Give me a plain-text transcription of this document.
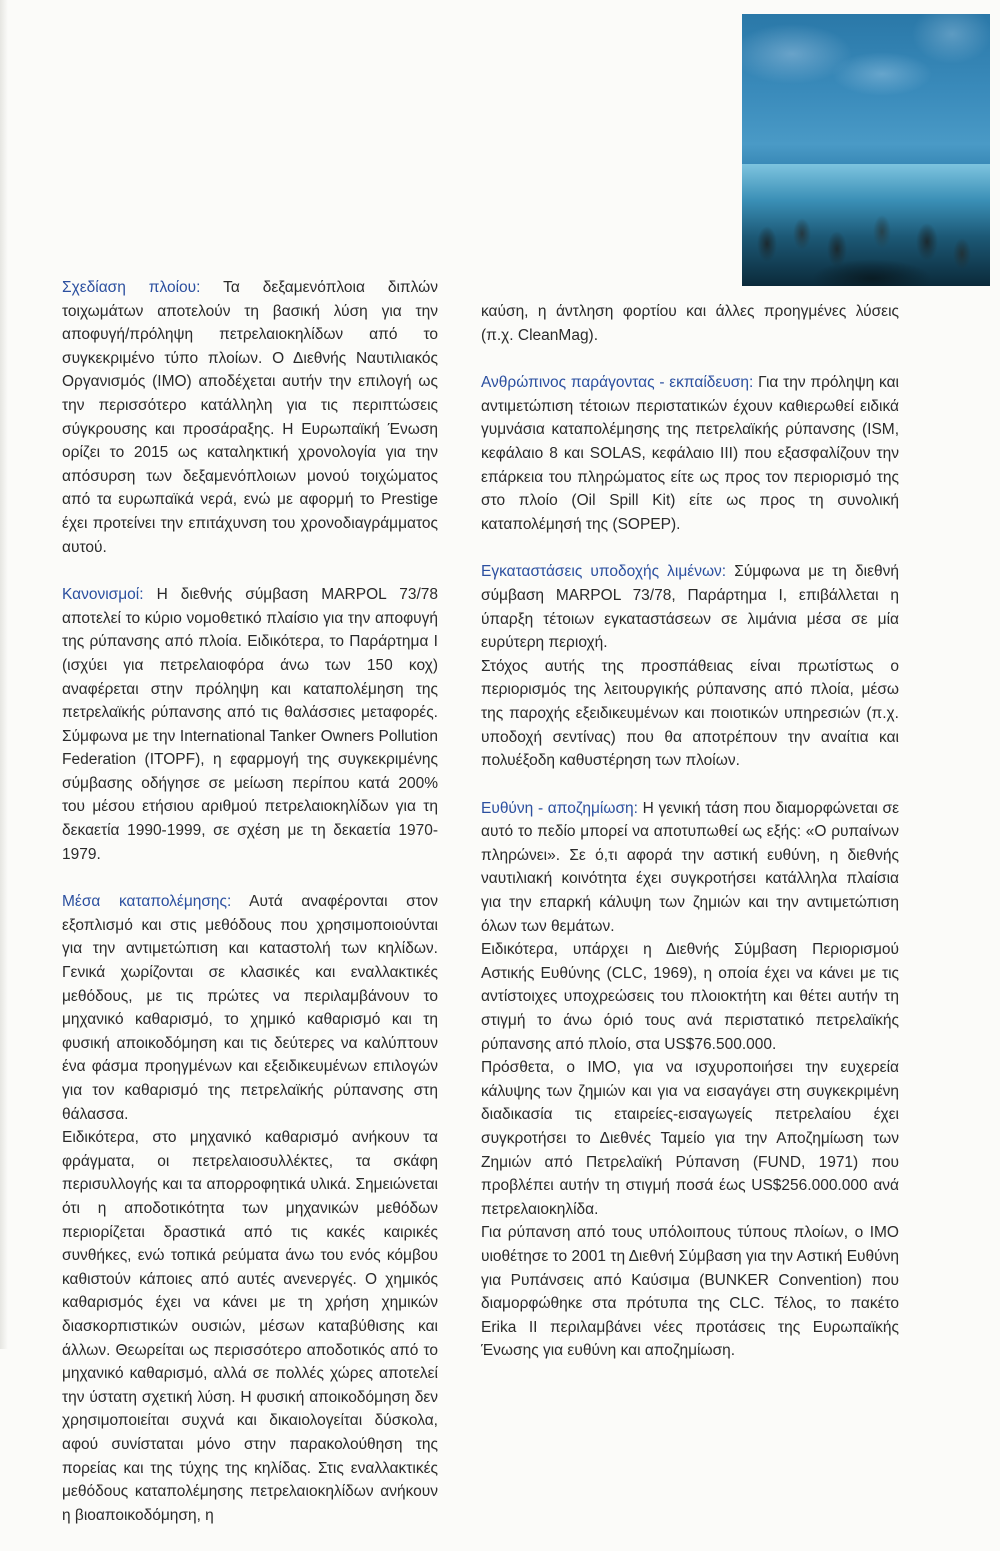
Σχεδίαση πλοίου: Τα δεξαμενόπλοια διπλών τοιχωμάτων αποτελούν τη βασική λύση για την αποφυγή/πρόληψη πετρελαιοκηλίδων από το συγκεκριμένο τύπο πλοίων. Ο Διεθνής Ναυτιλιακός Οργανισμός (IMO) αποδέχεται αυτήν την επιλογή ως την περισσότερο κατάλληλη για τις περιπτώσεις σύγκρουσης και προσάραξης. Η Ευρωπαϊκή Ένωση ορίζει το 2015 ως καταληκτική χρονολογία για την απόσυρση των δεξαμενόπλοιων μονού τοιχώματος από τα ευρωπαϊκά νερά, ενώ με αφορμή το Prestige έχει προτείνει την επιτάχυνση του χρονοδιαγράμματος αυτού.

Κανονισμοί: Η διεθνής σύμβαση MARPOL 73/78 αποτελεί το κύριο νομοθετικό πλαίσιο για την αποφυγή της ρύπανσης από πλοία. Ειδικότερα, το Παράρτημα Ι (ισχύει για πετρελαιοφόρα άνω των 150 κοχ) αναφέρεται στην πρόληψη και καταπολέμηση της πετρελαϊκής ρύπανσης από τις θαλάσσιες μεταφορές. Σύμφωνα με την International Tanker Owners Pollution Federation (ITOPF), η εφαρμογή της συγκεκριμένης σύμβασης οδήγησε σε μείωση περίπου κατά 200% του μέσου ετήσιου αριθμού πετρελαιοκηλίδων για τη δεκαετία 1990-1999, σε σχέση με τη δεκαετία 1970-1979.

Μέσα καταπολέμησης: Αυτά αναφέρονται στον εξοπλισμό και στις μεθόδους που χρησιμοποιούνται για την αντιμετώπιση και καταστολή των κηλίδων. Γενικά χωρίζονται σε κλασικές και εναλλακτικές μεθόδους, με τις πρώτες να περιλαμβάνουν το μηχανικό καθαρισμό, το χημικό καθαρισμό και τη φυσική αποικοδόμηση και τις δεύτερες να καλύπτουν ένα φάσμα προηγμένων και εξειδικευμένων επιλογών για τον καθαρισμό της πετρελαϊκής ρύπανσης στη θάλασσα.

Ειδικότερα, στο μηχανικό καθαρισμό ανήκουν τα φράγματα, οι πετρελαιοσυλλέκτες, τα σκάφη περισυλλογής και τα απορροφητικά υλικά. Σημειώνεται ότι η αποδοτικότητα των μηχανικών μεθόδων περιορίζεται δραστικά από τις κακές καιρικές συνθήκες, ενώ τοπικά ρεύματα άνω του ενός κόμβου καθιστούν κάποιες από αυτές ανενεργές. Ο χημικός καθαρισμός έχει να κάνει με τη χρήση χημικών διασκορπιστικών ουσιών, μέσων καταβύθισης και άλλων. Θεωρείται ως περισσότερο αποδοτικός από το μηχανικό καθαρισμό, αλλά σε πολλές χώρες αποτελεί την ύστατη σχετική λύση. Η φυσική αποικοδόμηση δεν χρησιμοποιείται συχνά και δικαιολογείται δύσκολα, αφού συνίσταται μόνο στην παρακολούθηση της πορείας και της τύχης της κηλίδας. Στις εναλλακτικές μεθόδους καταπολέμησης πετρελαιοκηλίδων ανήκουν η βιοαποικοδόμηση, η

καύση, η άντληση φορτίου και άλλες προηγμένες λύσεις (π.χ. CleanMag).

Ανθρώπινος παράγοντας - εκπαίδευση: Για την πρόληψη και αντιμετώπιση τέτοιων περιστατικών έχουν καθιερωθεί ειδικά γυμνάσια καταπολέμησης της πετρελαϊκής ρύπανσης (ISM, κεφάλαιο 8 και SOLAS, κεφάλαιο ΙΙΙ) που εξασφαλίζουν την επάρκεια του πληρώματος είτε ως προς τον περιορισμό της στο πλοίο (Oil Spill Kit) είτε ως προς τη συνολική καταπολέμησή της (SOPEP).

Εγκαταστάσεις υποδοχής λιμένων: Σύμφωνα με τη διεθνή σύμβαση MARPOL 73/78, Παράρτημα Ι, επιβάλλεται η ύπαρξη τέτοιων εγκαταστάσεων σε λιμάνια μέσα σε μία ευρύτερη περιοχή.

Στόχος αυτής της προσπάθειας είναι πρωτίστως ο περιορισμός της λειτουργικής ρύπανσης από πλοία, μέσω της παροχής εξειδικευμένων και ποιοτικών υπηρεσιών (π.χ. υποδοχή σεντίνας) που θα αποτρέπουν την αναίτια και πολυέξοδη καθυστέρηση των πλοίων.

Ευθύνη - αποζημίωση: Η γενική τάση που διαμορφώνεται σε αυτό το πεδίο μπορεί να αποτυπωθεί ως εξής: «Ο ρυπαίνων πληρώνει». Σε ό,τι αφορά την αστική ευθύνη, η διεθνής ναυτιλιακή κοινότητα έχει συγκροτήσει κατάλληλα πλαίσια για την επαρκή κάλυψη των ζημιών και την αντιμετώπιση όλων των θεμάτων.

Ειδικότερα, υπάρχει η Διεθνής Σύμβαση Περιορισμού Αστικής Ευθύνης (CLC, 1969), η οποία έχει να κάνει με τις αντίστοιχες υποχρεώσεις του πλοιοκτήτη και θέτει αυτήν τη στιγμή το άνω όριό τους ανά περιστατικό πετρελαϊκής ρύπανσης από πλοίο, στα US$76.500.000.

Πρόσθετα, ο IMO, για να ισχυροποιήσει την ευχερεία κάλυψης των ζημιών και για να εισαγάγει στη συγκεκριμένη διαδικασία τις εταιρείες-εισαγωγείς πετρελαίου έχει συγκροτήσει το Διεθνές Ταμείο για την Αποζημίωση των Ζημιών από Πετρελαϊκή Ρύπανση (FUND, 1971) που προβλέπει αυτήν τη στιγμή ποσά έως US$256.000.000 ανά πετρελαιοκηλίδα.

Για ρύπανση από τους υπόλοιπους τύπους πλοίων, ο IMO υιοθέτησε το 2001 τη Διεθνή Σύμβαση για την Αστική Ευθύνη για Ρυπάνσεις από Καύσιμα (BUNKER Convention) που διαμορφώθηκε στα πρότυπα της CLC. Τέλος, το πακέτο Erika II περιλαμβάνει νέες προτάσεις της Ευρωπαϊκής Ένωσης για ευθύνη και αποζημίωση.
